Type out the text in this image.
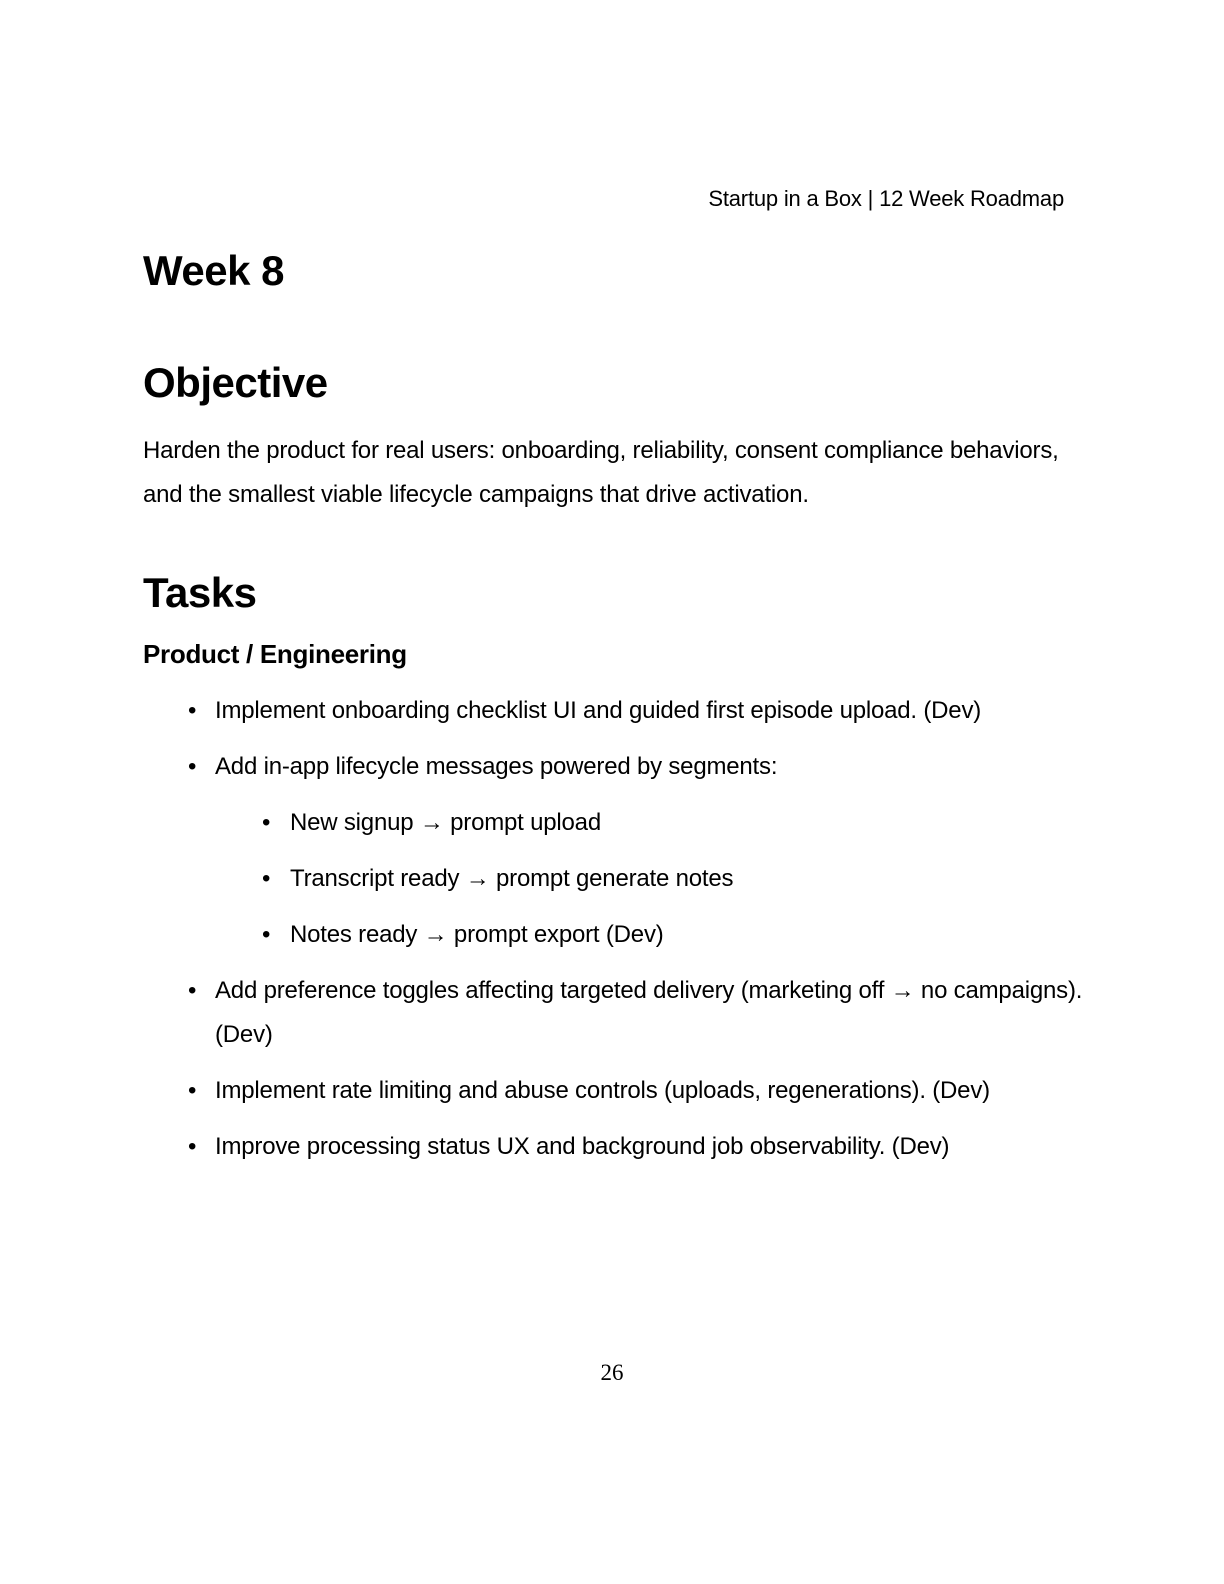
Startup in a Box | 12 Week Roadmap
Week 8
Objective

Harden the product for real users: onboarding, reliability, consent compliance behaviors, and the smallest viable lifecycle campaigns that drive activation.

Tasks
Product / Engineering
• Implement onboarding checklist UI and guided first episode upload. (Dev)
• Add in-app lifecycle messages powered by segments:
• New signup → prompt upload
• Transcript ready → prompt generate notes
• Notes ready → prompt export (Dev)
• Add preference toggles affecting targeted delivery (marketing off → no campaigns). (Dev)
• Implement rate limiting and abuse controls (uploads, regenerations). (Dev)
• Improve processing status UX and background job observability. (Dev)
26
